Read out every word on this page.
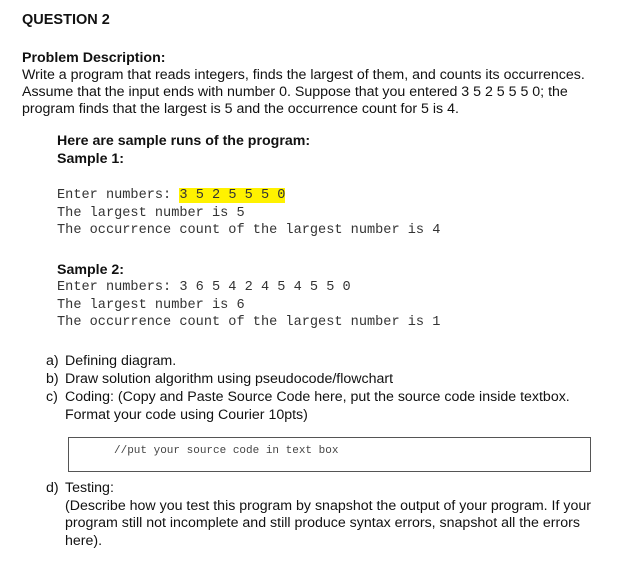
QUESTION 2
Problem Description:
Write a program that reads integers, finds the largest of them, and counts its occurrences.
Assume that the input ends with number 0. Suppose that you entered 3 5 2 5 5 5 0; the
program finds that the largest is 5 and the occurrence count for 5 is 4.
Here are sample runs of the program:
Sample 1:
Enter numbers: 3 5 2 5 5 5 0
The largest number is 5
The occurrence count of the largest number is 4
Sample 2:
Enter numbers: 3 6 5 4 2 4 5 4 5 5 0
The largest number is 6
The occurrence count of the largest number is 1
a) Defining diagram.
b) Draw solution algorithm using pseudocode/flowchart
c) Coding: (Copy and Paste Source Code here, put the source code inside textbox.
Format your code using Courier 10pts)
//put your source code in text box
d) Testing:
(Describe how you test this program by snapshot the output of your program. If your
program still not incomplete and still produce syntax errors, snapshot all the errors
here).
